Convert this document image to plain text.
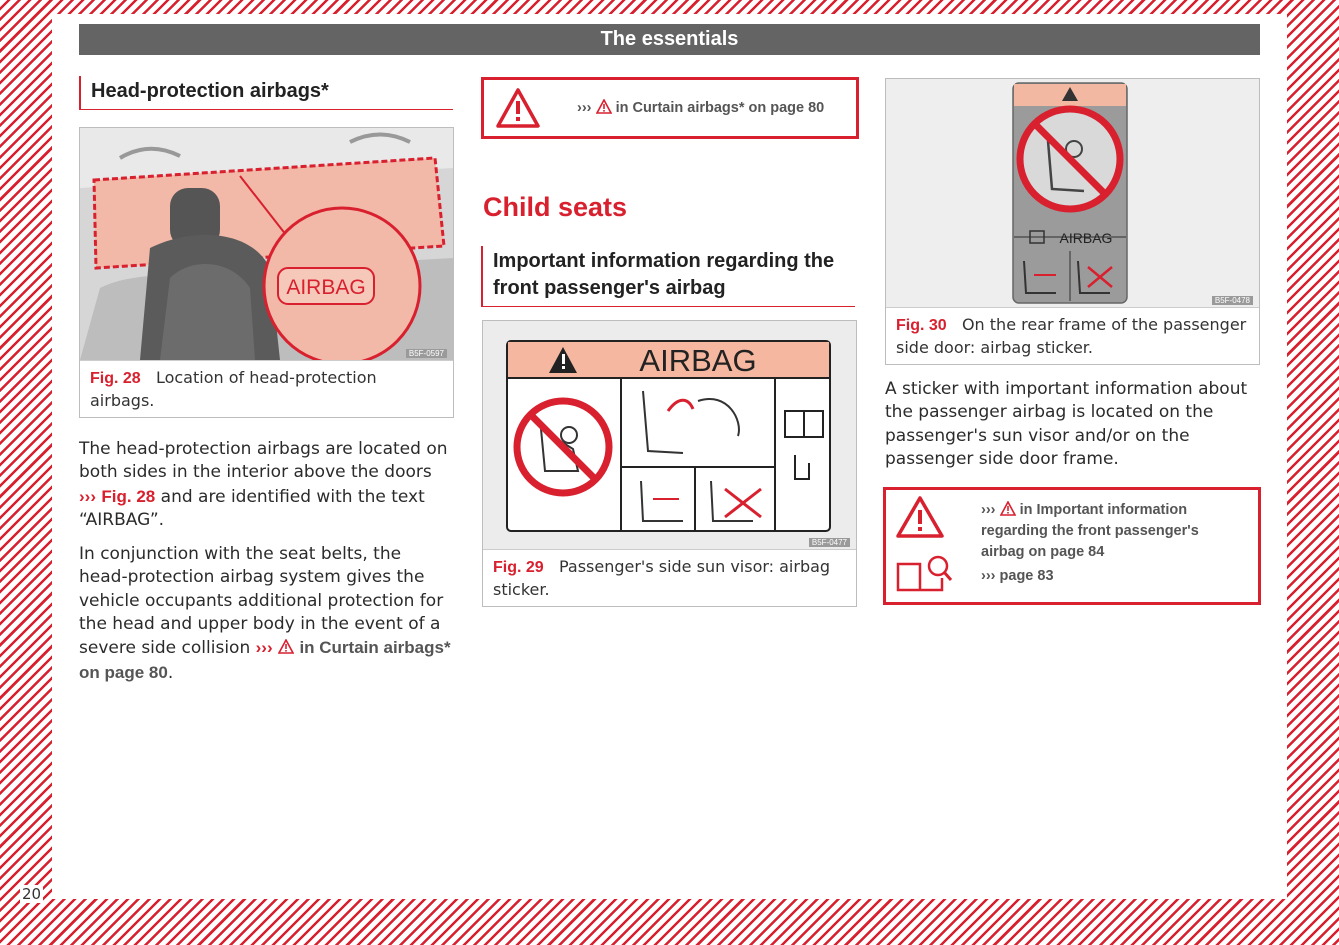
The essentials
20
Head-protection airbags*
AIRBAG
B5F-0597
Fig. 28 Location of head-protection airbags.

The head-protection airbags are located on both sides in the interior above the doors
››› Fig. 28 and are identified with the text “AIRBAG”.

In conjunction with the seat belts, the head-protection airbag system gives the vehicle occupants additional protection for the head and upper body in the event of a severe side collision ››› in Curtain airbags* on page 80.

››› in Curtain airbags* on page 80
Child seats
Important information regarding the front passenger's airbag
AIRBAG
B5F-0477
Fig. 29 Passenger's side sun visor: airbag sticker.
AIRBAG
B5F-0478
Fig. 30 On the rear frame of the passenger side door: airbag sticker.

A sticker with important information about the passenger airbag is located on the passenger's sun visor and/or on the passenger side door frame.

››› in Important information regarding the front passenger's airbag on page 84
››› page 83
